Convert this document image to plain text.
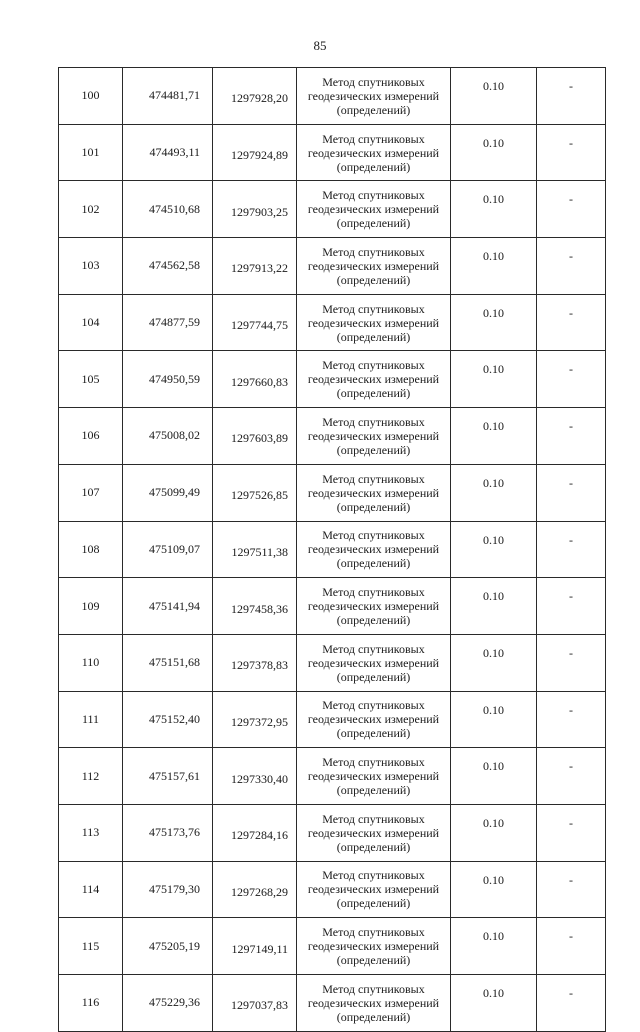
85
100	474481,71	1297928,20	Метод спутниковых
геодезических измерений
(определений)	0.10	-
101	474493,11	1297924,89	Метод спутниковых
геодезических измерений
(определений)	0.10	-
102	474510,68	1297903,25	Метод спутниковых
геодезических измерений
(определений)	0.10	-
103	474562,58	1297913,22	Метод спутниковых
геодезических измерений
(определений)	0.10	-
104	474877,59	1297744,75	Метод спутниковых
геодезических измерений
(определений)	0.10	-
105	474950,59	1297660,83	Метод спутниковых
геодезических измерений
(определений)	0.10	-
106	475008,02	1297603,89	Метод спутниковых
геодезических измерений
(определений)	0.10	-
107	475099,49	1297526,85	Метод спутниковых
геодезических измерений
(определений)	0.10	-
108	475109,07	1297511,38	Метод спутниковых
геодезических измерений
(определений)	0.10	-
109	475141,94	1297458,36	Метод спутниковых
геодезических измерений
(определений)	0.10	-
110	475151,68	1297378,83	Метод спутниковых
геодезических измерений
(определений)	0.10	-
111	475152,40	1297372,95	Метод спутниковых
геодезических измерений
(определений)	0.10	-
112	475157,61	1297330,40	Метод спутниковых
геодезических измерений
(определений)	0.10	-
113	475173,76	1297284,16	Метод спутниковых
геодезических измерений
(определений)	0.10	-
114	475179,30	1297268,29	Метод спутниковых
геодезических измерений
(определений)	0.10	-
115	475205,19	1297149,11	Метод спутниковых
геодезических измерений
(определений)	0.10	-
116	475229,36	1297037,83	Метод спутниковых
геодезических измерений
(определений)	0.10	-
